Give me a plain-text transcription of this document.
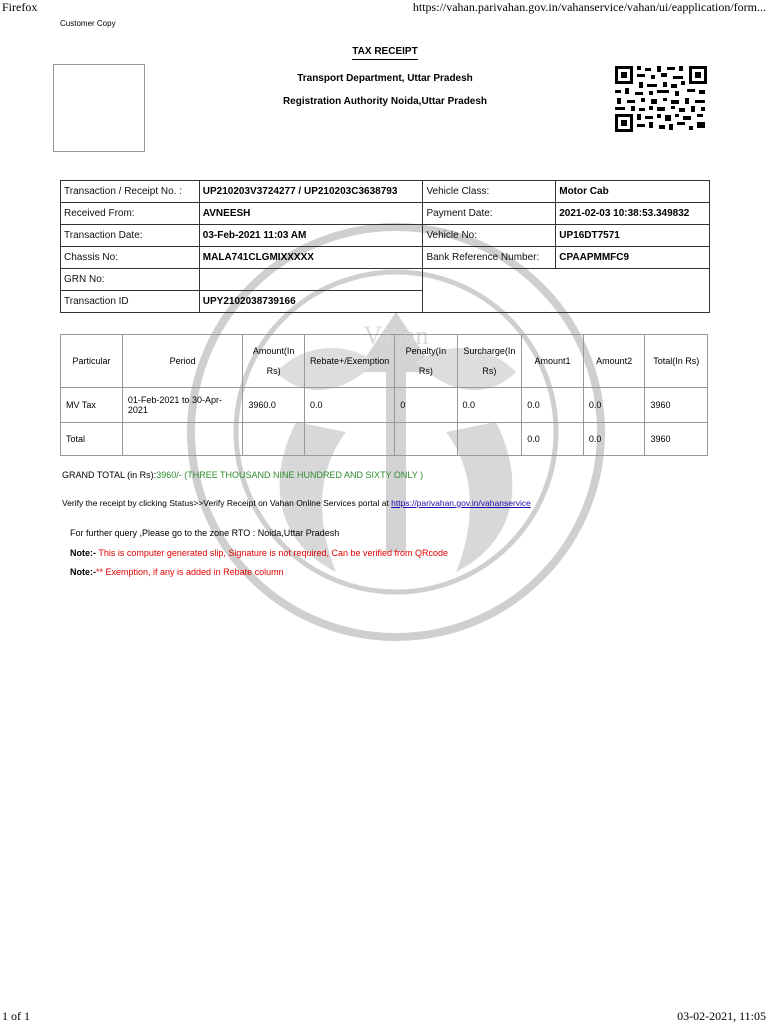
Firefox	https://vahan.parivahan.gov.in/vahanservice/vahan/ui/eapplication/form...
Customer Copy
TAX RECEIPT
Transport Department, Uttar Pradesh
Registration Authority Noida,Uttar Pradesh
Vahan
Transaction / Receipt No. :	UP210203V3724277 / UP210203C3638793	Vehicle Class:	Motor Cab
Received From:	AVNEESH	Payment Date:	2021-02-03 10:38:53.349832
Transaction Date:	03-Feb-2021 11:03 AM	Vehicle No:	UP16DT7571
Chassis No:	MALA741CLGMIXXXXX	Bank Reference Number:	CPAAPMMFC9
GRN No:			
Transaction ID	UPY2102038739166		
Particular	Period	Amount(In Rs)	Rebate+/Exemption	Penalty(In Rs)	Surcharge(In Rs)	Amount1	Amount2	Total(In Rs)
MV Tax	01-Feb-2021 to 30-Apr-2021	3960.0	0.0	0	0.0	0.0	0.0	3960
Total						0.0	0.0	3960
GRAND TOTAL (in Rs):3960/- (THREE THOUSAND NINE HUNDRED AND SIXTY ONLY )
Verify the receipt by clicking Status>>Verify Receipt on Vahan Online Services portal at https://parivahan.gov.in/vahanservice
For further query ,Please go to the zone RTO : Noida,Uttar Pradesh
Note:- This is computer generated slip, Signature is not required, Can be verified from QRcode
Note:-** Exemption, if any is added in Rebate column
1 of 1	03-02-2021, 11:05
